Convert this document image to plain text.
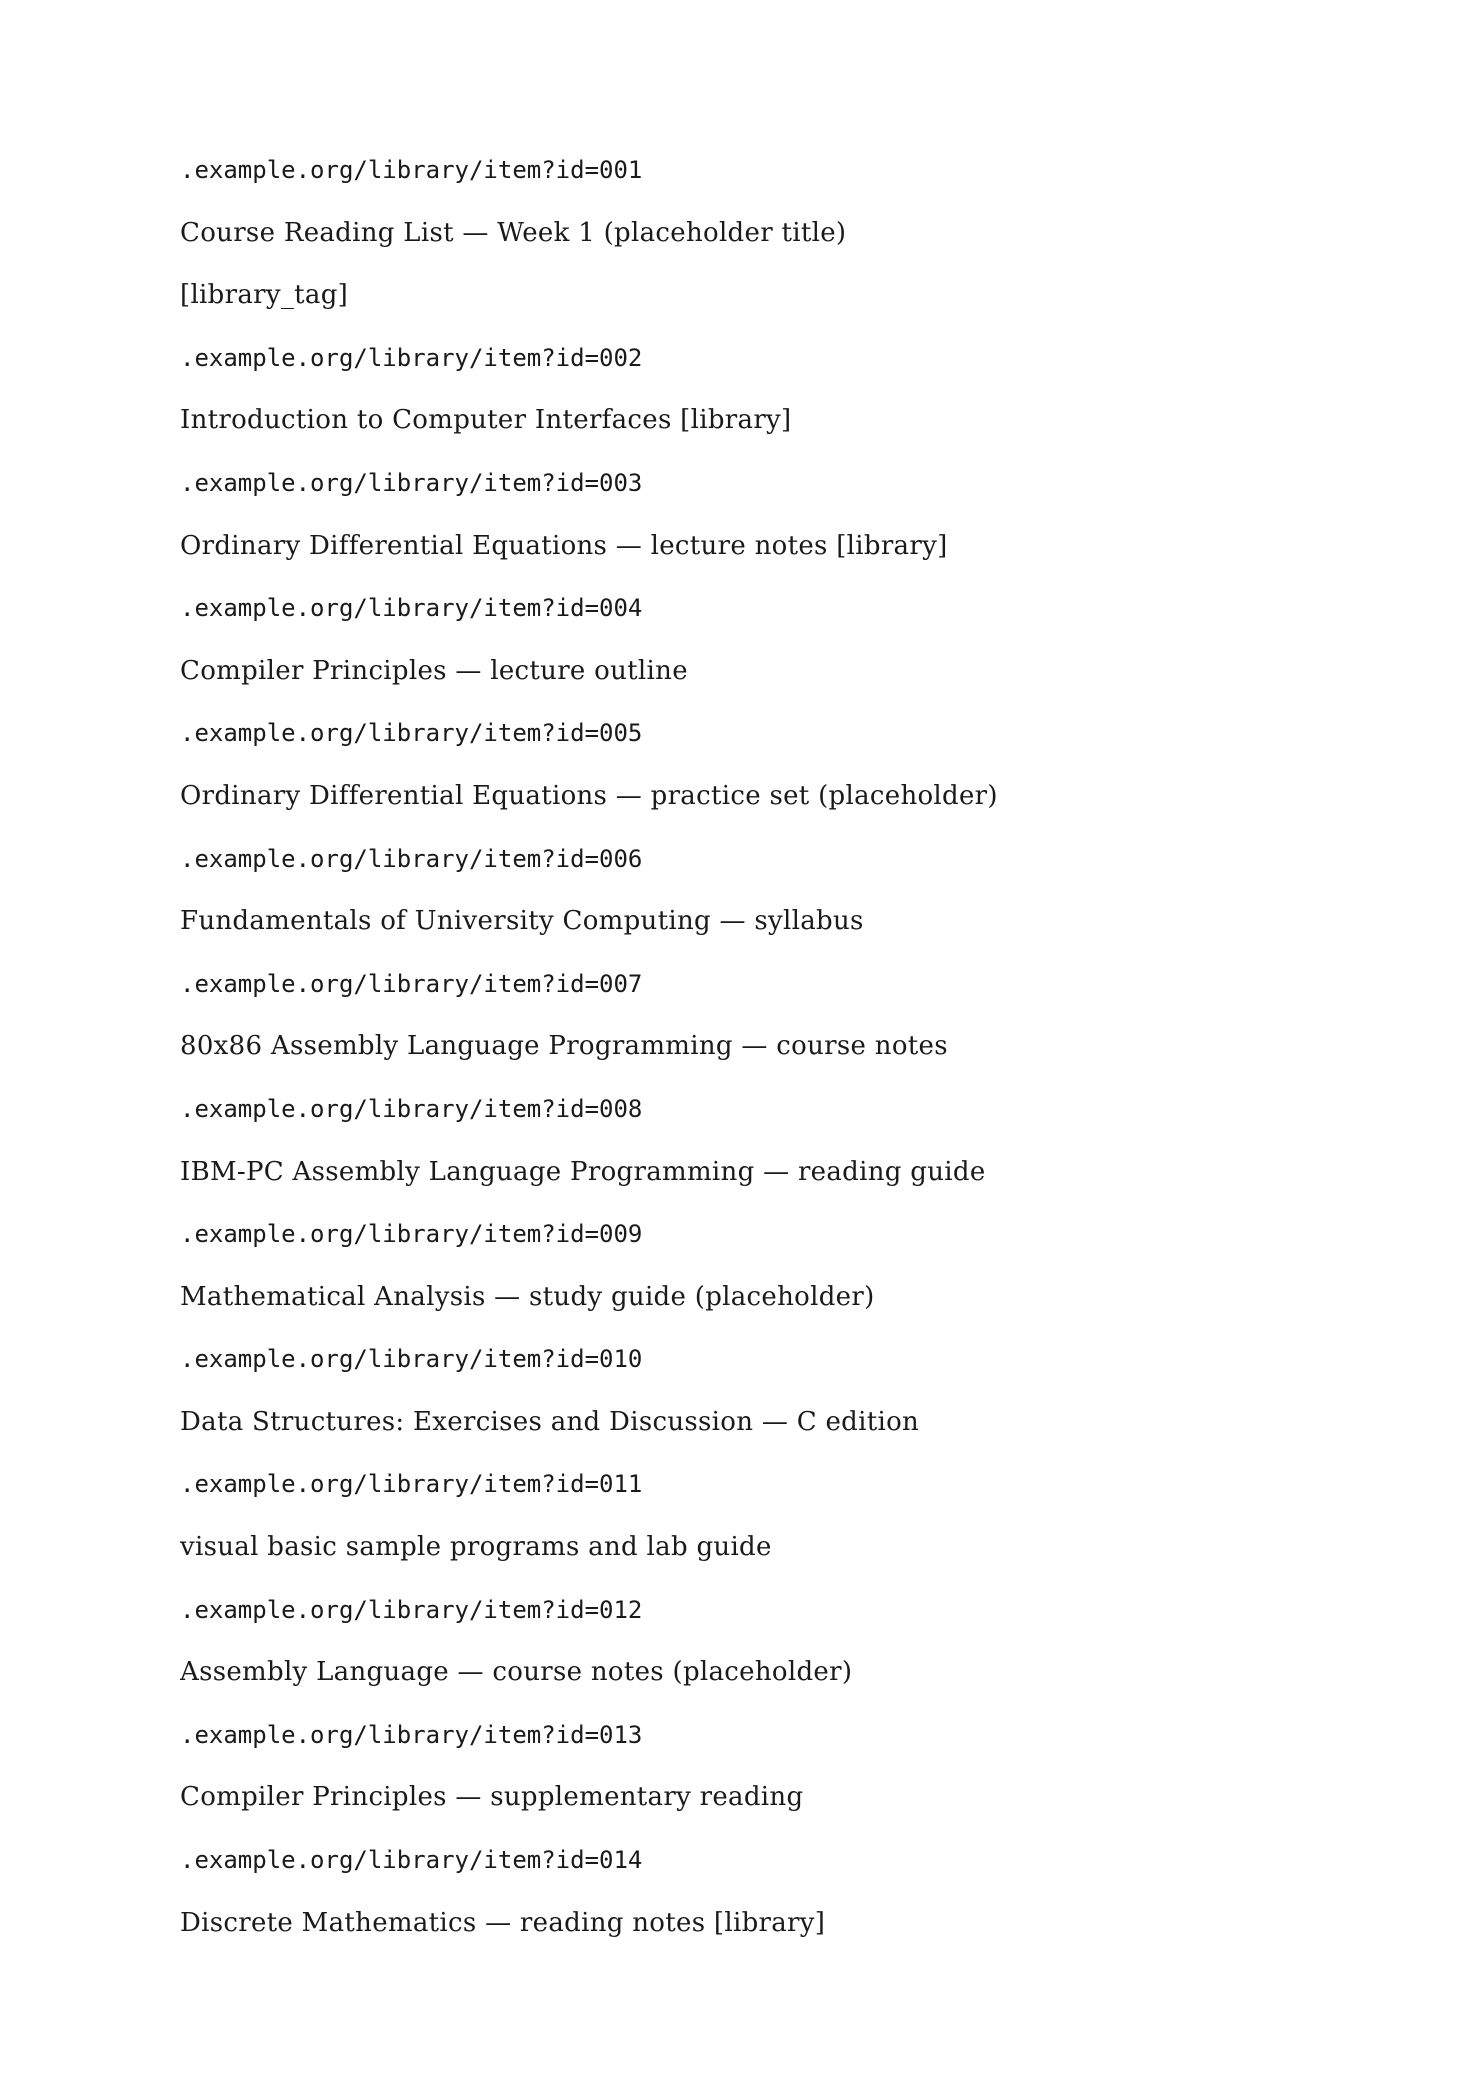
.example.org/library/item?id=001
Course Reading List — Week 1 (placeholder title)
[library_tag]
.example.org/library/item?id=002
Introduction to Computer Interfaces [library]
.example.org/library/item?id=003
Ordinary Differential Equations — lecture notes [library]
.example.org/library/item?id=004
Compiler Principles — lecture outline
.example.org/library/item?id=005
Ordinary Differential Equations — practice set (placeholder)
.example.org/library/item?id=006
Fundamentals of University Computing — syllabus
.example.org/library/item?id=007
80x86 Assembly Language Programming — course notes
.example.org/library/item?id=008
IBM-PC Assembly Language Programming — reading guide
.example.org/library/item?id=009
Mathematical Analysis — study guide (placeholder)
.example.org/library/item?id=010
Data Structures: Exercises and Discussion — C edition
.example.org/library/item?id=011
visual basic sample programs and lab guide
.example.org/library/item?id=012
Assembly Language — course notes (placeholder)
.example.org/library/item?id=013
Compiler Principles — supplementary reading
.example.org/library/item?id=014
Discrete Mathematics — reading notes [library]
